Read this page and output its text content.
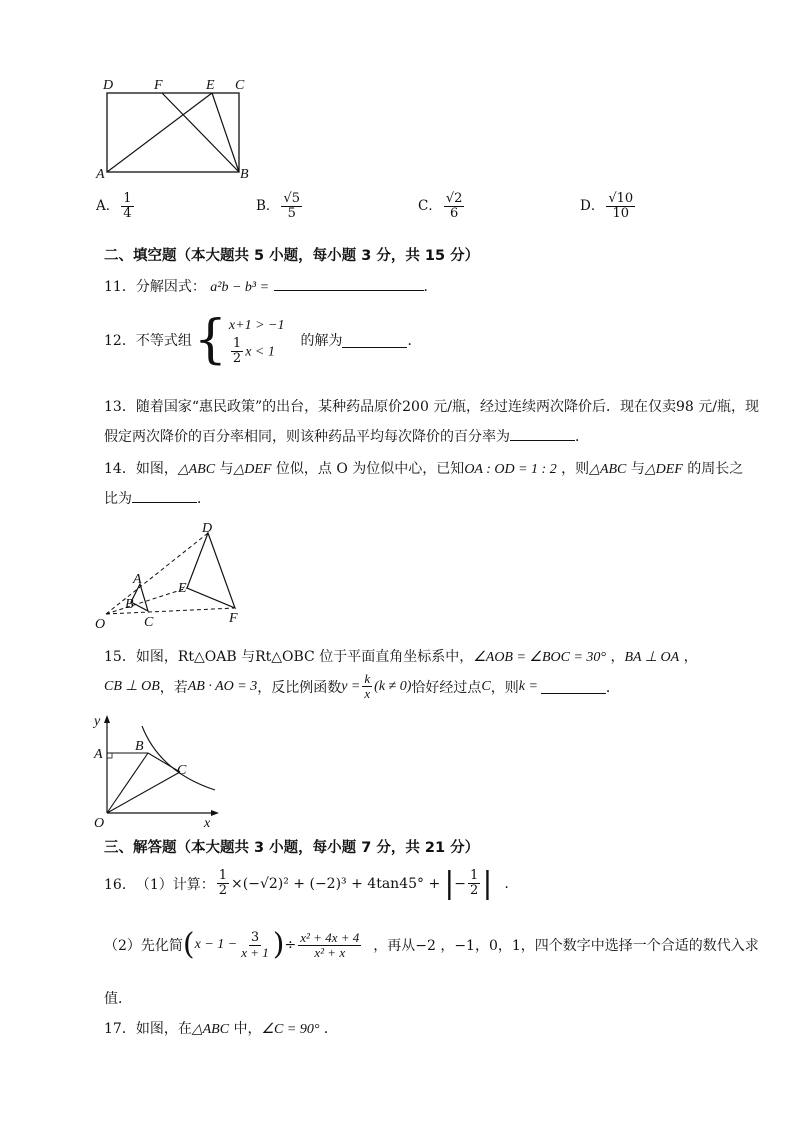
D	F	E C
A	B
A． $\frac{1}{4}$	B． $\frac{√5}{5}$	C． $\frac{√2}{6}$	D． $\frac{√10}{10}$
二、填空题（本大题共 5 小题，每小题 3 分，共 15 分）
11．分解因式： a²b − b³ =	．
12． 不等式组 { x+1 > −1
$\frac{1}{2}$ x < 1
的解为	．
13．随着国家“惠民政策”的出台，某种药品原价200 元/瓶，经过连续两次降价后．现在仅卖98 元/瓶，现
假定两次降价的百分率相同，则该种药品平均每次降价的百分率为	．
14．如图，△ABC 与△DEF 位似，点 O 为位似中心，已知OA : OD = 1 : 2 ，则△ABC 与△DEF 的周长之
比为	．
D
A
E
B
O	C	F
15．如图，Rt△OAB 与Rt△OBC 位于平面直角坐标系中，∠AOB = ∠BOC = 30° ，BA ⊥ OA ，
CB ⊥ OB ，若 AB · AO = 3 ，反比例函数 $y = \frac{k}{x} (k \ne 0)$ 恰好经过点 C ，则 k =	．
y
A
B
C
O	x
三、解答题（本大题共 3 小题，每小题 7 分，共 21 分）
16． （1）计算： $\frac{1}{2} \times(-√2)^2 + (-2)^3 + 4\tan 45^\circ$ + | − $\frac{1}{2}$ | .
（2）先化简 ( $x - 1 - \frac{3}{x + 1}$ ) ÷ $\frac{\text{x² + 4x + 4}}{\text{x² + x}}$ ，再从−2 ，−1，0，1，四个数字中选择一个合适的数代入求
值．
17．如图，在△ABC 中，∠C = 90° ．
